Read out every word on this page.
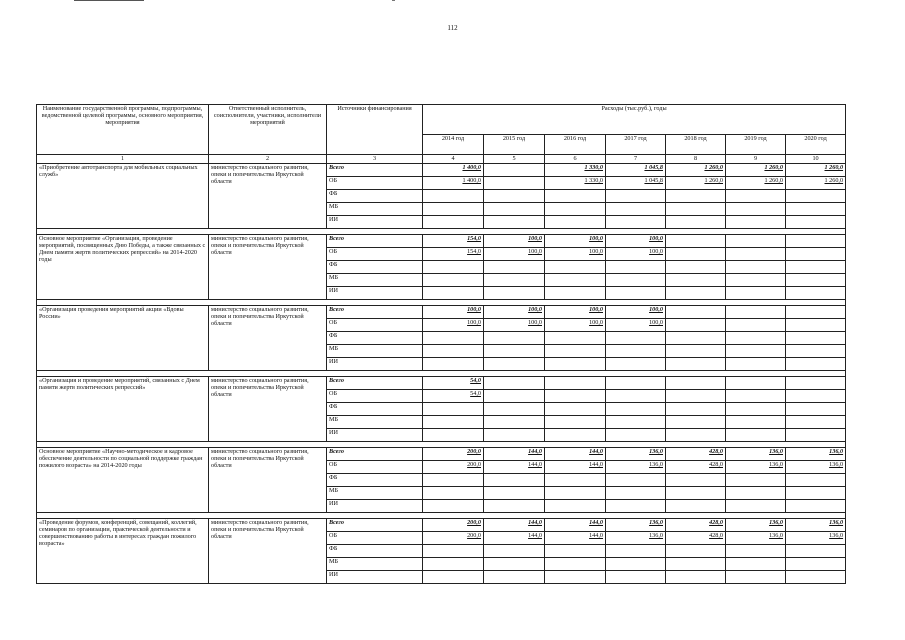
112
Наименование государственной программы, подпрограммы, ведомственной целевой программы, основного мероприятия, мероприятия	Ответственный исполнитель, соисполнители, участники, исполнители мероприятий	Источники финансирования	Расходы (тыс.руб.), годы						
			2014 год	2015 год	2016 год	2017 год	2018 год	2019 год	2020 год
1	2	3	4	5	6	7	8	9	10
«Приобретение автотранспорта для мобильных социальных служб»	министерство социального развития, опеки и попечительства Иркутской области	Всего	1 400,0		1 330,0	1 045,8	1 260,0	1 260,0	1 260,0
		ОБ	1 400,0		1 330,0	1 045,8	1 260,0	1 260,0	1 260,0
		ФБ							
		МБ							
		ИИ							

Основное мероприятие «Организация, проведение мероприятий, посвященных Дню Победы, а также связанных с Днем памяти жертв политических репрессий» на 2014-2020 годы	министерство социального развития, опеки и попечительства Иркутской области	Всего	154,0	100,0	100,0	100,0			
		ОБ	154,0	100,0	100,0	100,0			
		ФБ							
		МБ							
		ИИ							

«Организация проведения мероприятий акции «Вдовы России»	министерство социального развития, опеки и попечительства Иркутской области	Всего	100,0	100,0	100,0	100,0			
		ОБ	100,0	100,0	100,0	100,0			
		ФБ							
		МБ							
		ИИ							

«Организация и проведение мероприятий, связанных с Днем памяти жертв политических репрессий»	министерство социального развития, опеки и попечительства Иркутской области	Всего	54,0						
		ОБ	54,0						
		ФБ							
		МБ							
		ИИ							

Основное мероприятие «Научно-методическое и кадровое обеспечение деятельности по социальной поддержке граждан пожилого возраста» на 2014-2020 годы	министерство социального развития, опеки и попечительства Иркутской области	Всего	200,0	144,0	144,0	136,0	428,0	136,0	136,0
		ОБ	200,0	144,0	144,0	136,0	428,0	136,0	136,0
		ФБ							
		МБ							
		ИИ							

«Проведение форумов, конференций, совещаний, коллегий, семинаров по организации, практической деятельности и совершенствованию работы в интересах граждан пожилого возраста»	министерство социального развития, опеки и попечительства Иркутской области	Всего	200,0	144,0	144,0	136,0	428,0	136,0	136,0
		ОБ	200,0	144,0	144,0	136,0	428,0	136,0	136,0
		ФБ							
		МБ							
		ИИ							
